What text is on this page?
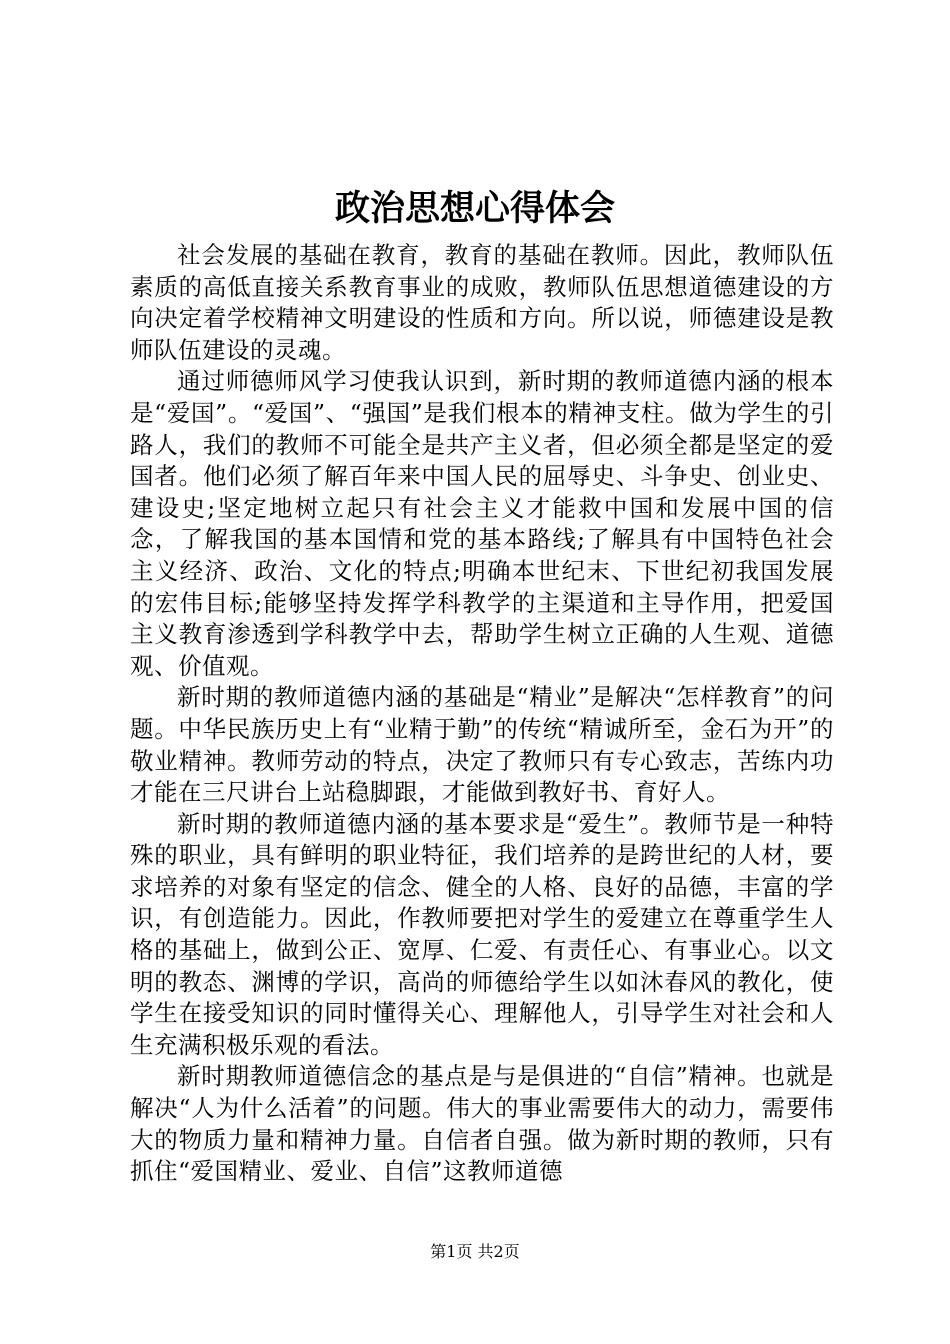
政治思想心得体会

社会发展的基础在教育，教育的基础在教师。因此，教师队伍素质的高低直接关系教育事业的成败，教师队伍思想道德建设的方向决定着学校精神文明建设的性质和方向。所以说，师德建设是教师队伍建设的灵魂。

通过师德师风学习使我认识到，新时期的教师道德内涵的根本是“爱国”。“爱国”、“强国”是我们根本的精神支柱。做为学生的引路人，我们的教师不可能全是共产主义者，但必须全都是坚定的爱国者。他们必须了解百年来中国人民的屈辱史、斗争史、创业史、建设史;坚定地树立起只有社会主义才能救中国和发展中国的信念，了解我国的基本国情和党的基本路线;了解具有中国特色社会主义经济、政治、文化的特点;明确本世纪末、下世纪初我国发展的宏伟目标;能够坚持发挥学科教学的主渠道和主导作用，把爱国主义教育渗透到学科教学中去，帮助学生树立正确的人生观、道德观、价值观。

新时期的教师道德内涵的基础是“精业”是解决“怎样教育”的问题。中华民族历史上有“业精于勤”的传统“精诚所至，金石为开”的敬业精神。教师劳动的特点，决定了教师只有专心致志，苦练内功才能在三尺讲台上站稳脚跟，才能做到教好书、育好人。

新时期的教师道德内涵的基本要求是“爱生”。教师节是一种特殊的职业，具有鲜明的职业特征，我们培养的是跨世纪的人材，要求培养的对象有坚定的信念、健全的人格、良好的品德，丰富的学识，有创造能力。因此，作教师要把对学生的爱建立在尊重学生人格的基础上，做到公正、宽厚、仁爱、有责任心、有事业心。以文明的教态、渊博的学识，高尚的师德给学生以如沐春风的教化，使学生在接受知识的同时懂得关心、理解他人，引导学生对社会和人生充满积极乐观的看法。

新时期教师道德信念的基点是与是俱进的“自信”精神。也就是解决“人为什么活着”的问题。伟大的事业需要伟大的动力，需要伟大的物质力量和精神力量。自信者自强。做为新时期的教师，只有抓住“爱国精业、爱业、自信”这教师道德

第1页 共2页
